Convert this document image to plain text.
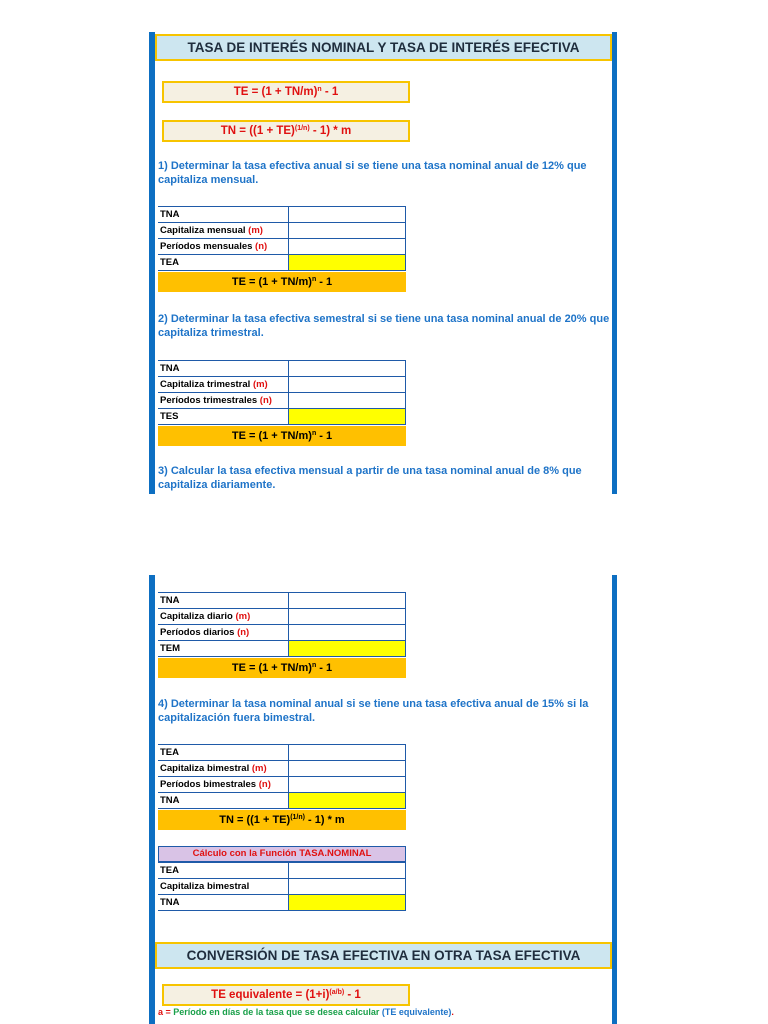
TASA DE INTERÉS NOMINAL Y TASA DE INTERÉS EFECTIVA
TE = $(1 + TN/m)^n - 1$
TN = ((1 + TE)$^{(1/n)}$ - 1) * m
1) Determinar la tasa efectiva anual si se tiene una tasa nominal anual de 12% que capitaliza mensual.
TNA	
Capitaliza mensual (m)	
Períodos mensuales (n)	
TEA	
TE = $(1 + TN/m)^n - 1$
2) Determinar la tasa efectiva semestral si se tiene una tasa nominal anual de 20% que capitaliza trimestral.
TNA	
Capitaliza trimestral (m)	
Períodos trimestrales (n)	
TES	
TE = $(1 + TN/m)^n - 1$
3) Calcular la tasa efectiva mensual a partir de una tasa nominal anual de 8% que capitaliza diariamente.
TNA	
Capitaliza diario (m)	
Períodos diarios (n)	
TEM	
TE = $(1 + TN/m)^n - 1$
4) Determinar la tasa nominal anual si se tiene una tasa efectiva anual de 15% si la capitalización fuera bimestral.
TEA	
Capitaliza bimestral (m)	
Períodos bimestrales (n)	
TNA	
TN = ((1 + TE)$^{(1/n)}$ - 1) * m
Cálculo con la Función TASA.NOMINAL
TEA	
Capitaliza bimestral	
TNA	
CONVERSIÓN DE TASA EFECTIVA EN OTRA TASA EFECTIVA
TE equivalente = $(1+i)^{(a/b)} - 1$
a = Período en días de la tasa que se desea calcular (TE equivalente).
